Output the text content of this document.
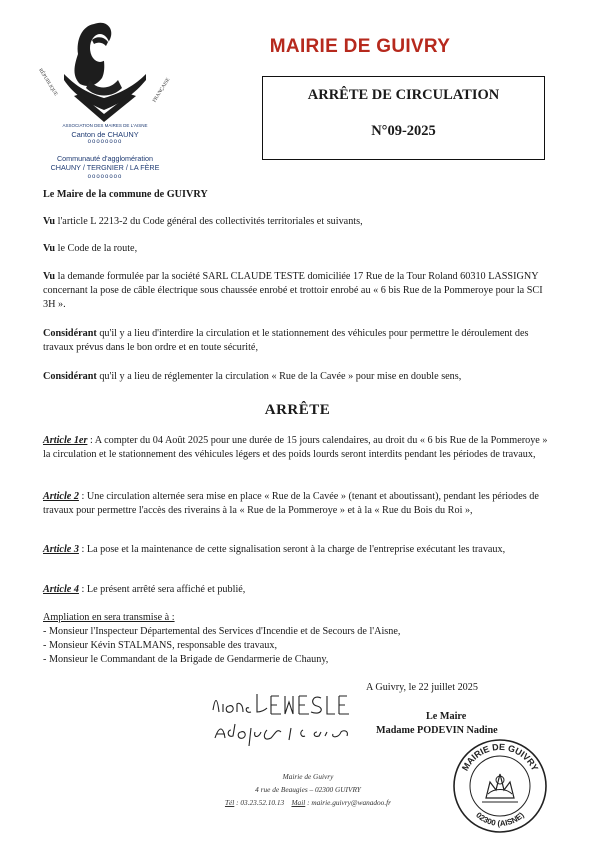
RÉPUBLIQUE	FRANÇAISE
ASSOCIATION DES MAIRES DE L'AISNE
Canton de CHAUNY
oooooooo
Communauté d'agglomération
CHAUNY / TERGNIER / LA FÈRE
oooooooo
MAIRIE DE GUIVRY
ARRÊTE DE CIRCULATION
N°09-2025
Le Maire de la commune de GUIVRY
Vu l'article L 2213-2 du Code général des collectivités territoriales et suivants,
Vu le Code de la route,
Vu la demande formulée par la société SARL CLAUDE TESTE domiciliée 17 Rue de la Tour Roland 60310 LASSIGNY concernant la pose de câble électrique sous chaussée enrobé et trottoir enrobé au « 6 bis Rue de la Pommeroye pour la SCI 3H ».
Considérant qu'il y a lieu d'interdire la circulation et le stationnement des véhicules pour permettre le déroulement des travaux prévus dans le bon ordre et en toute sécurité,
Considérant qu'il y a lieu de réglementer la circulation « Rue de la Cavée » pour mise en double sens,
ARRÊTE
Article 1er : A compter du 04 Août 2025 pour une durée de 15 jours calendaires, au droit du « 6 bis Rue de la Pommeroye » la circulation et le stationnement des véhicules légers et des poids lourds seront interdits pendant les périodes de travaux,
Article 2 : Une circulation alternée sera mise en place « Rue de la Cavée » (tenant et aboutissant), pendant les périodes de travaux pour permettre l'accès des riverains à la « Rue de la Pommeroye » et à la « Rue du Bois du Roi »,
Article 3 : La pose et la maintenance de cette signalisation seront à la charge de l'entreprise exécutant les travaux,
Article 4 : Le présent arrêté sera affiché et publié,
Ampliation en sera transmise à :
- Monsieur l'Inspecteur Départemental des Services d'Incendie et de Secours de l'Aisne,
- Monsieur Kévin STALMANS, responsable des travaux,
- Monsieur le Commandant de la Brigade de Gendarmerie de Chauny,
A Guivry, le 22 juillet 2025
Le Maire
Madame PODEVIN Nadine
MAIRIE DE GUIVRY
02300 (AISNE)
Mairie de Guivry
4 rue de Beaugies – 02300 GUIVRY
Tél : 03.23.52.10.13 Mail : mairie.guivry@wanadoo.fr
